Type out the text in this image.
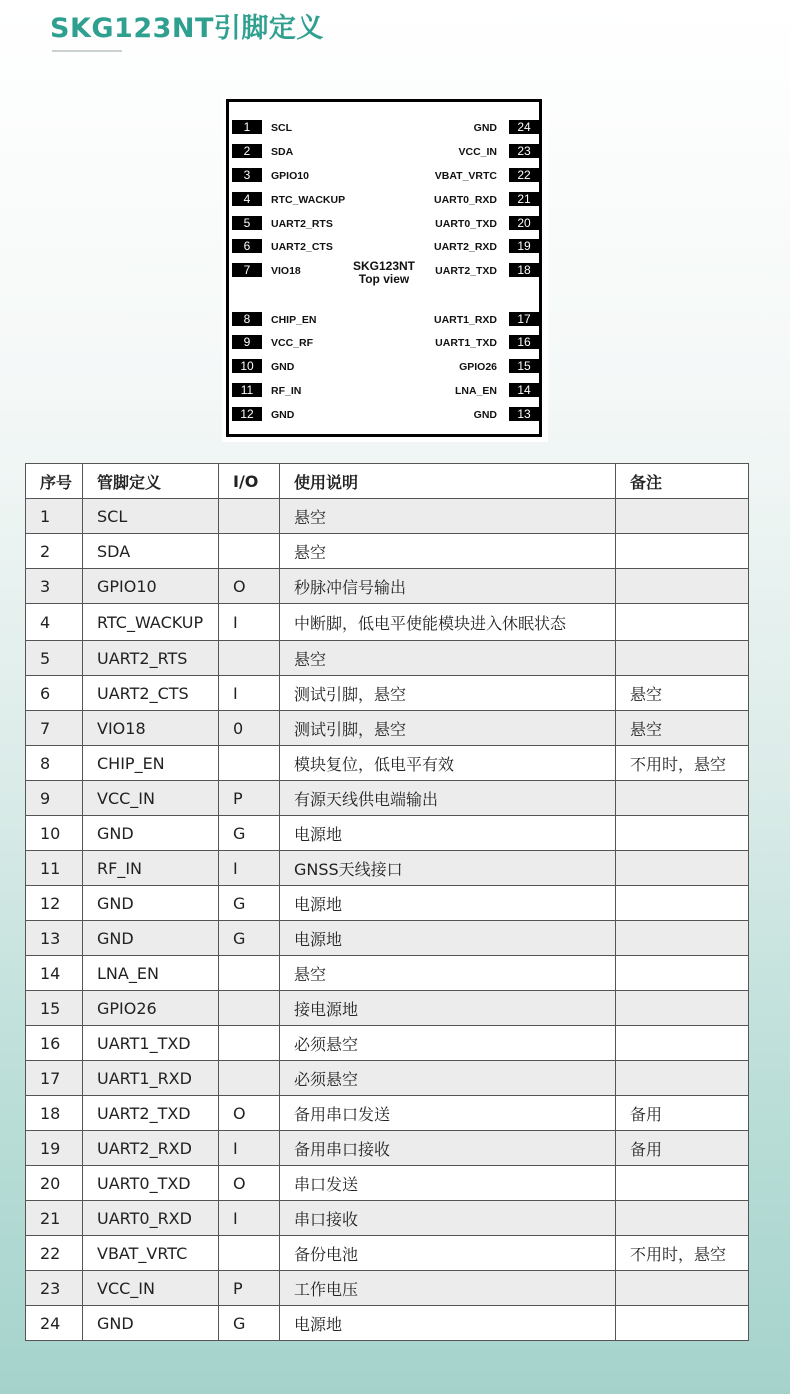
SKG123NT引脚定义
SKG123NT
Top view
1	SCL
2	SDA
3	GPIO10
4	RTC_WACKUP
5	UART2_RTS
6	UART2_CTS
7	VIO18
8	CHIP_EN
9	VCC_RF
10	GND
11	RF_IN
12	GND
24
GND
23
VCC_IN
22
VBAT_VRTC
21
UART0_RXD
20
UART0_TXD
19
UART2_RXD
18
UART2_TXD
17
UART1_RXD
16
UART1_TXD
15
GPIO26
14
LNA_EN
13
GND
序号	管脚定义	I/O	使用说明	备注
1	SCL		悬空	
2	SDA		悬空	
3	GPIO10	O	秒脉冲信号输出	
4	RTC_WACKUP	I	中断脚，低电平使能模块进入休眠状态	
5	UART2_RTS		悬空	
6	UART2_CTS	I	测试引脚，悬空	悬空
7	VIO18	0	测试引脚，悬空	悬空
8	CHIP_EN		模块复位，低电平有效	不用时，悬空
9	VCC_IN	P	有源天线供电端输出	
10	GND	G	电源地	
11	RF_IN	I	GNSS天线接口	
12	GND	G	电源地	
13	GND	G	电源地	
14	LNA_EN		悬空	
15	GPIO26		接电源地	
16	UART1_TXD		必须悬空	
17	UART1_RXD		必须悬空	
18	UART2_TXD	O	备用串口发送	备用
19	UART2_RXD	I	备用串口接收	备用
20	UART0_TXD	O	串口发送	
21	UART0_RXD	I	串口接收	
22	VBAT_VRTC		备份电池	不用时，悬空
23	VCC_IN	P	工作电压	
24	GND	G	电源地	
